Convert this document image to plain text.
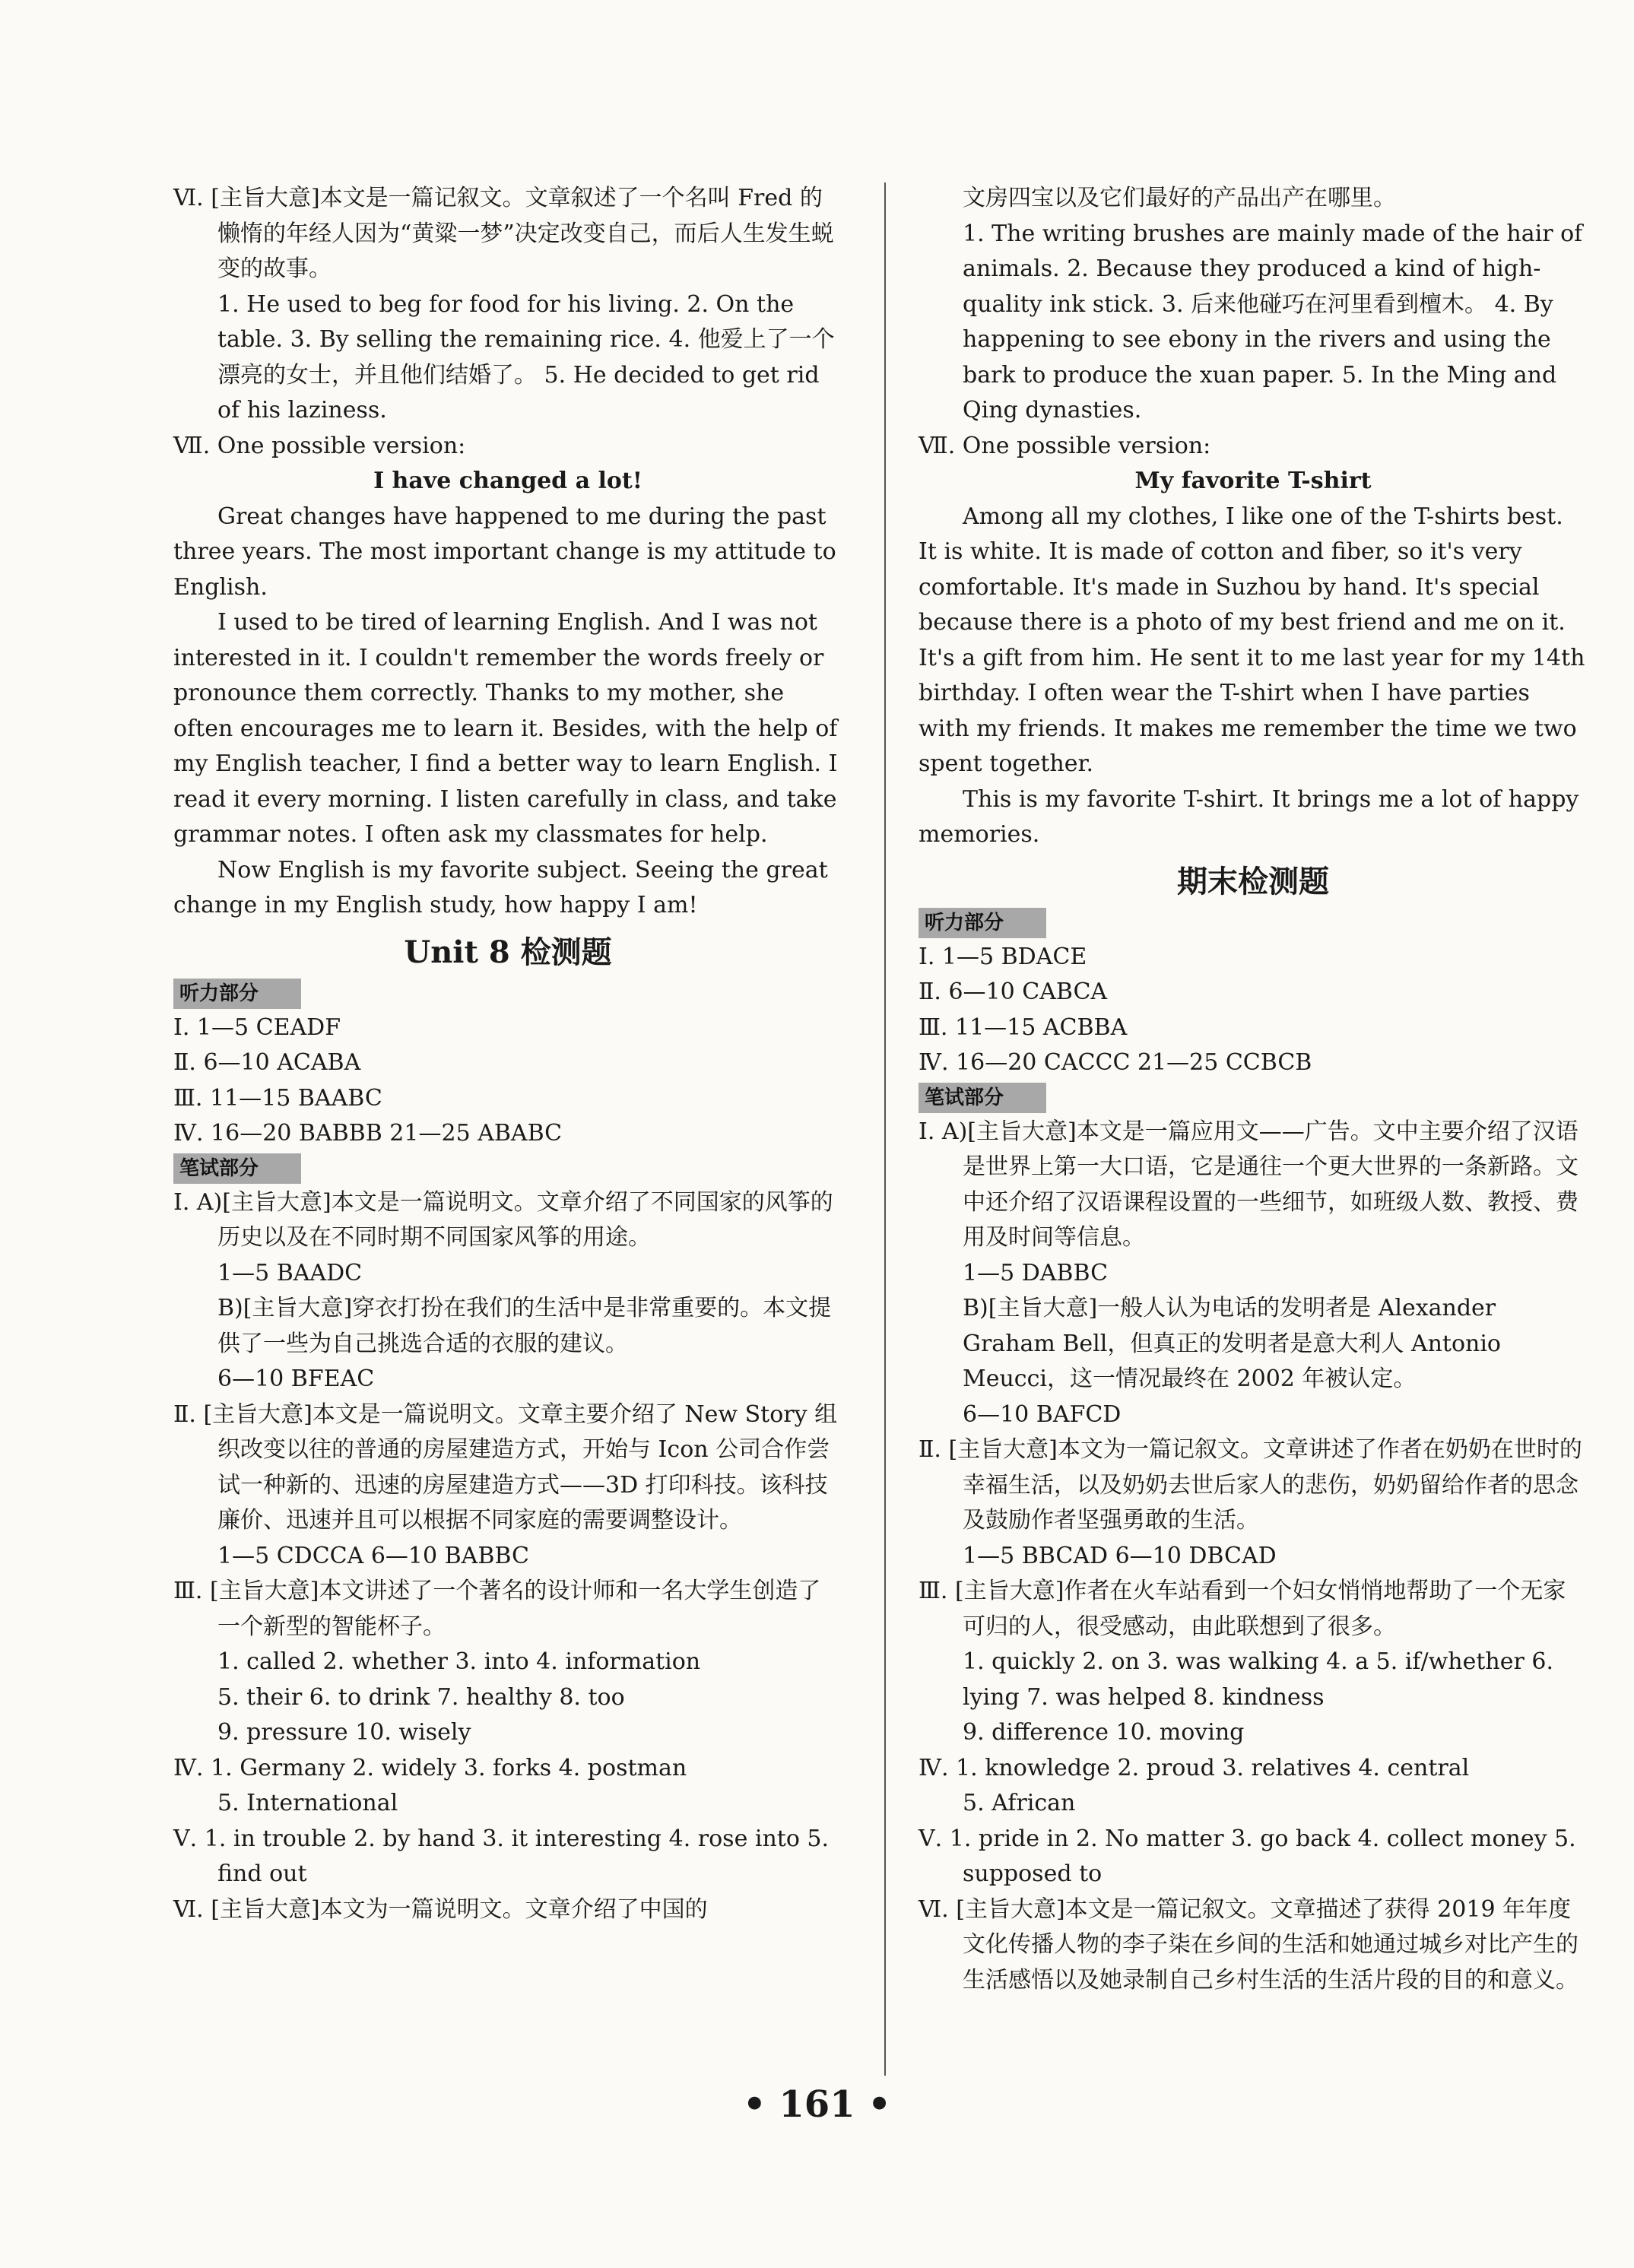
Ⅵ. [主旨大意]本文是一篇记叙文。文章叙述了一个名叫 Fred 的懒惰的年经人因为“黄粱一梦”决定改变自己，而后人生发生蜕变的故事。

1. He used to beg for food for his living. 2. On the table. 3. By selling the remaining rice. 4. 他爱上了一个漂亮的女士，并且他们结婚了。 5. He decided to get rid of his laziness.

Ⅶ. One possible version:

I have changed a lot!

Great changes have happened to me during the past three years. The most important change is my attitude to English.

I used to be tired of learning English. And I was not interested in it. I couldn't remember the words freely or pronounce them correctly. Thanks to my mother, she often encourages me to learn it. Besides, with the help of my English teacher, I find a better way to learn English. I read it every morning. I listen carefully in class, and take grammar notes. I often ask my classmates for help.

Now English is my favorite subject. Seeing the great change in my English study, how happy I am!

Unit 8 检测题

听力部分

Ⅰ. 1—5 CEADF

Ⅱ. 6—10 ACABA

Ⅲ. 11—15 BAABC

Ⅳ. 16—20 BABBB 21—25 ABABC

笔试部分

Ⅰ. A)[主旨大意]本文是一篇说明文。文章介绍了不同国家的风筝的历史以及在不同时期不同国家风筝的用途。

1—5 BAADC

B)[主旨大意]穿衣打扮在我们的生活中是非常重要的。本文提供了一些为自己挑选合适的衣服的建议。

6—10 BFEAC

Ⅱ. [主旨大意]本文是一篇说明文。文章主要介绍了 New Story 组织改变以往的普通的房屋建造方式，开始与 Icon 公司合作尝试一种新的、迅速的房屋建造方式——3D 打印科技。该科技廉价、迅速并且可以根据不同家庭的需要调整设计。

1—5 CDCCA 6—10 BABBC

Ⅲ. [主旨大意]本文讲述了一个著名的设计师和一名大学生创造了一个新型的智能杯子。

1. called 2. whether 3. into 4. information

5. their 6. to drink 7. healthy 8. too

9. pressure 10. wisely

Ⅳ. 1. Germany 2. widely 3. forks 4. postman

5. International

Ⅴ. 1. in trouble 2. by hand 3. it interesting 4. rose into 5. find out

Ⅵ. [主旨大意]本文为一篇说明文。文章介绍了中国的

文房四宝以及它们最好的产品出产在哪里。

1. The writing brushes are mainly made of the hair of animals. 2. Because they produced a kind of high-quality ink stick. 3. 后来他碰巧在河里看到檀木。 4. By happening to see ebony in the rivers and using the bark to produce the xuan paper. 5. In the Ming and Qing dynasties.

Ⅶ. One possible version:

My favorite T-shirt

Among all my clothes, I like one of the T-shirts best. It is white. It is made of cotton and fiber, so it's very comfortable. It's made in Suzhou by hand. It's special because there is a photo of my best friend and me on it. It's a gift from him. He sent it to me last year for my 14th birthday. I often wear the T-shirt when I have parties with my friends. It makes me remember the time we two spent together.

This is my favorite T-shirt. It brings me a lot of happy memories.

期末检测题

听力部分

Ⅰ. 1—5 BDACE

Ⅱ. 6—10 CABCA

Ⅲ. 11—15 ACBBA

Ⅳ. 16—20 CACCC 21—25 CCBCB

笔试部分

Ⅰ. A)[主旨大意]本文是一篇应用文——广告。文中主要介绍了汉语是世界上第一大口语，它是通往一个更大世界的一条新路。文中还介绍了汉语课程设置的一些细节，如班级人数、教授、费用及时间等信息。

1—5 DABBC

B)[主旨大意]一般人认为电话的发明者是 Alexander Graham Bell，但真正的发明者是意大利人 Antonio Meucci，这一情况最终在 2002 年被认定。

6—10 BAFCD

Ⅱ. [主旨大意]本文为一篇记叙文。文章讲述了作者在奶奶在世时的幸福生活，以及奶奶去世后家人的悲伤，奶奶留给作者的思念及鼓励作者坚强勇敢的生活。

1—5 BBCAD 6—10 DBCAD

Ⅲ. [主旨大意]作者在火车站看到一个妇女悄悄地帮助了一个无家可归的人，很受感动，由此联想到了很多。

1. quickly 2. on 3. was walking 4. a 5. if/whether 6. lying 7. was helped 8. kindness

9. difference 10. moving

Ⅳ. 1. knowledge 2. proud 3. relatives 4. central

5. African

Ⅴ. 1. pride in 2. No matter 3. go back 4. collect money 5. supposed to

Ⅵ. [主旨大意]本文是一篇记叙文。文章描述了获得 2019 年年度文化传播人物的李子柒在乡间的生活和她通过城乡对比产生的生活感悟以及她录制自己乡村生活的生活片段的目的和意义。

• 161 •
